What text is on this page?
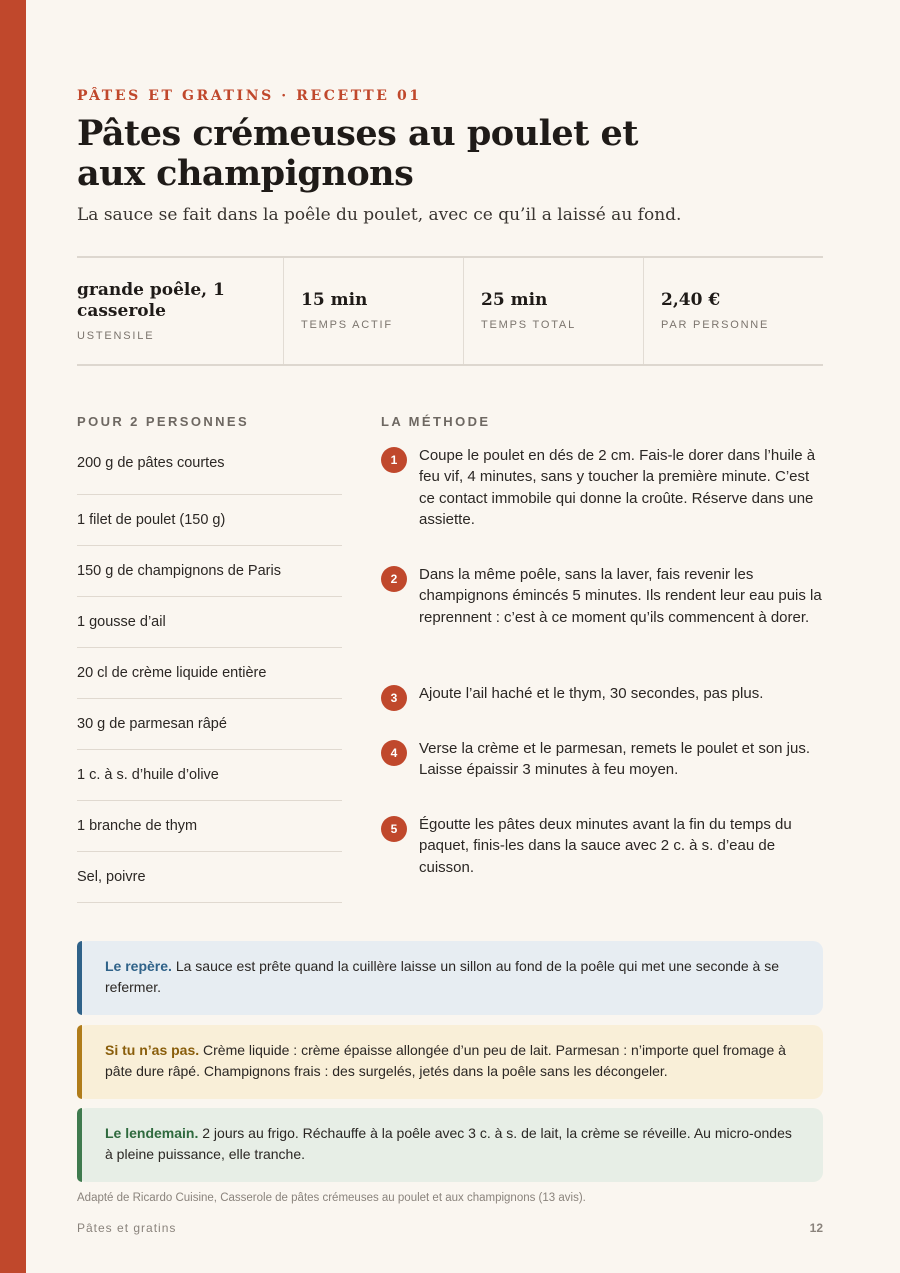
PÂTES ET GRATINS · RECETTE 01
Pâtes crémeuses au poulet et aux champignons
La sauce se fait dans la poêle du poulet, avec ce qu’il a laissé au fond.
grande poêle, 1 casserole
USTENSILE
15 min
TEMPS ACTIF
25 min
TEMPS TOTAL
2,40 €
PAR PERSONNE
POUR 2 PERSONNES
200 g de pâtes courtes
1 filet de poulet (150 g)
150 g de champignons de Paris
1 gousse d’ail
20 cl de crème liquide entière
30 g de parmesan râpé
1 c. à s. d’huile d’olive
1 branche de thym
Sel, poivre
LA MÉTHODE
1	Coupe le poulet en dés de 2 cm. Fais-le dorer dans l’huile à feu vif, 4 minutes, sans y toucher la première minute. C’est ce contact immobile qui donne la croûte. Réserve dans une assiette.
2	Dans la même poêle, sans la laver, fais revenir les champignons émincés 5 minutes. Ils rendent leur eau puis la reprennent : c’est à ce moment qu’ils commencent à dorer.
3	Ajoute l’ail haché et le thym, 30 secondes, pas plus.
4	Verse la crème et le parmesan, remets le poulet et son jus. Laisse épaissir 3 minutes à feu moyen.
5	Égoutte les pâtes deux minutes avant la fin du temps du paquet, finis-les dans la sauce avec 2 c. à s. d’eau de cuisson.
Le repère. La sauce est prête quand la cuillère laisse un sillon au fond de la poêle qui met une seconde à se refermer.
Si tu n’as pas. Crème liquide : crème épaisse allongée d’un peu de lait. Parmesan : n’importe quel fromage à pâte dure râpé. Champignons frais : des surgelés, jetés dans la poêle sans les décongeler.
Le lendemain. 2 jours au frigo. Réchauffe à la poêle avec 3 c. à s. de lait, la crème se réveille. Au micro-ondes à pleine puissance, elle tranche.
Adapté de Ricardo Cuisine, Casserole de pâtes crémeuses au poulet et aux champignons (13 avis).
Pâtes et gratins	12
